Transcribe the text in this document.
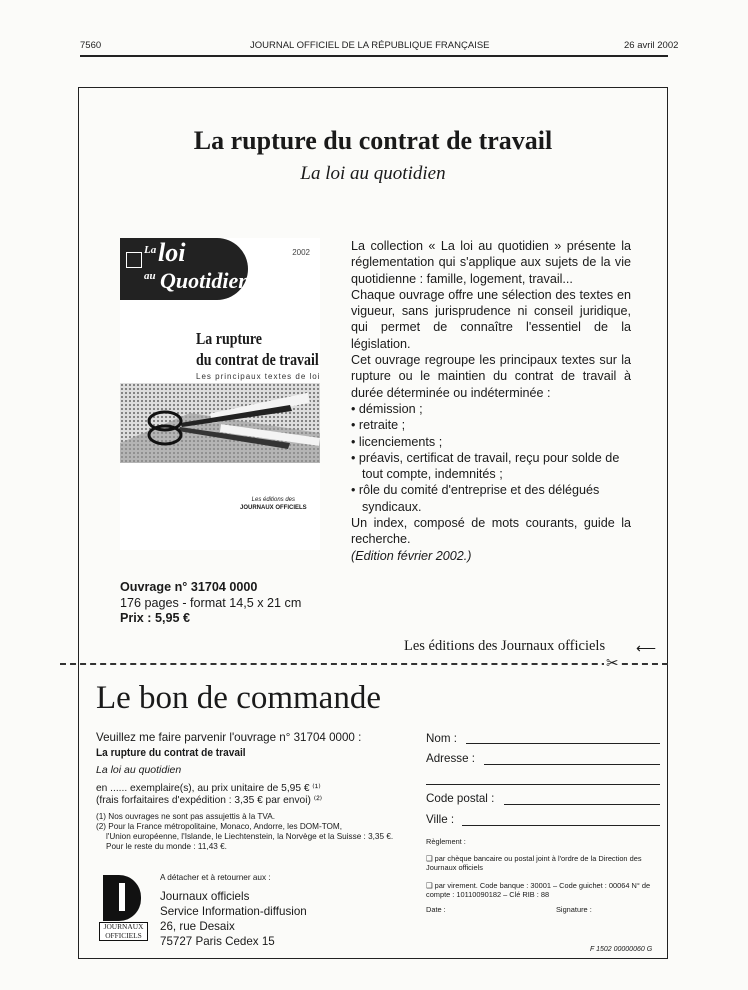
7560	JOURNAL OFFICIEL DE LA RÉPUBLIQUE FRANÇAISE	26 avril 2002
La rupture du contrat de travail
La loi au quotidien
La loi
au Quotidien
2002
La rupture
du contrat de travail
Les principaux textes de loi
Les éditions des
JOURNAUX OFFICIELS

La collection « La loi au quotidien » présente la réglementation qui s'applique aux sujets de la vie quotidienne : famille, logement, travail...

Chaque ouvrage offre une sélection des textes en vigueur, sans jurisprudence ni conseil juridique, qui permet de connaître l'essentiel de la législation.

Cet ouvrage regroupe les principaux textes sur la rupture ou le maintien du contrat de travail à durée déterminée ou indéterminée :

• démission ;
• retraite ;
• licenciements ;
• préavis, certificat de travail, reçu pour solde de tout compte, indemnités ;
• rôle du comité d'entreprise et des délégués syndicaux.

Un index, composé de mots courants, guide la recherche.

(Edition février 2002.)

Ouvrage n° 31704 0000
176 pages - format 14,5 x 21 cm
Prix : 5,95 €
Les éditions des Journaux officiels ⟵
✂
Le bon de commande
Veuillez me faire parvenir l'ouvrage n° 31704 0000 :
La rupture du contrat de travail
La loi au quotidien
en ...... exemplaire(s), au prix unitaire de 5,95 € ⁽¹⁾
(frais forfaitaires d'expédition : 3,35 € par envoi) ⁽²⁾
(1) Nos ouvrages ne sont pas assujettis à la TVA.
(2) Pour la France métropolitaine, Monaco, Andorre, les DOM-TOM,
l'Union européenne, l'Islande, le Liechtenstein, la Norvège et la Suisse : 3,35 €.
Pour le reste du monde : 11,43 €.
Nom :
Adresse :
Code postal :
Ville :
Règlement :
❑ par chèque bancaire ou postal joint à l'ordre de la Direction des Journaux officiels
❑ par virement. Code banque : 30001 – Code guichet : 00064 N° de compte : 10110090182 – Clé RIB : 88
Date :	Signature :
JOURNAUX
OFFICIELS
A détacher et à retourner aux :
Journaux officiels
Service Information-diffusion
26, rue Desaix
75727 Paris Cedex 15
F 1502 00000060 G
